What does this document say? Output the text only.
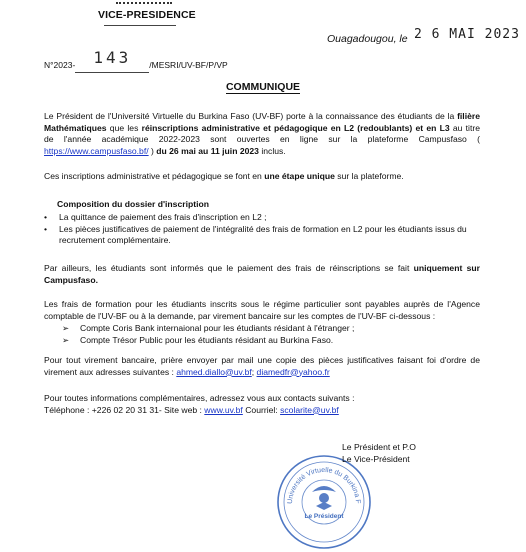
VICE-PRESIDENCE
Ouagadougou, le 2 6 MAI 2023
N°2023- 143 /MESRI/UV-BF/P/VP
COMMUNIQUE
Le Président de l'Université Virtuelle du Burkina Faso (UV-BF) porte à la connaissance des étudiants de la filière Mathématiques que les réinscriptions administrative et pédagogique en L2 (redoublants) et en L3 au titre de l'année académique 2022-2023 sont ouvertes en ligne sur la plateforme Campusfaso ( https://www.campusfaso.bf/ ) du 26 mai au 11 juin 2023 inclus.
Ces inscriptions administrative et pédagogique se font en une étape unique sur la plateforme.
Composition du dossier d'inscription
• La quittance de paiement des frais d'inscription en L2 ;
• Les pièces justificatives de paiement de l'intégralité des frais de formation en L2 pour les étudiants issus du recrutement complémentaire.
Par ailleurs, les étudiants sont informés que le paiement des frais de réinscriptions se fait uniquement sur Campusfaso.
Les frais de formation pour les étudiants inscrits sous le régime particulier sont payables auprès de l'Agence comptable de l'UV-BF ou à la demande, par virement bancaire sur les comptes de l'UV-BF ci-dessous :
➢ Compte Coris Bank internaional pour les étudiants résidant à l'étranger ;
➢ Compte Trésor Public pour les étudiants résidant au Burkina Faso.
Pour tout virement bancaire, prière envoyer par mail une copie des pièces justificatives faisant foi d'ordre de virement aux adresses suivantes : ahmed.diallo@uv.bf; diamedfr@yahoo.fr
Pour toutes informations complémentaires, adressez vous aux contacts suivants :
Téléphone : +226 02 20 31 31- Site web : www.uv.bf Courriel: scolarite@uv.bf
Université Virtuelle du Burkina F
Le Président
Le Président et P.O
Le Vice-Président
